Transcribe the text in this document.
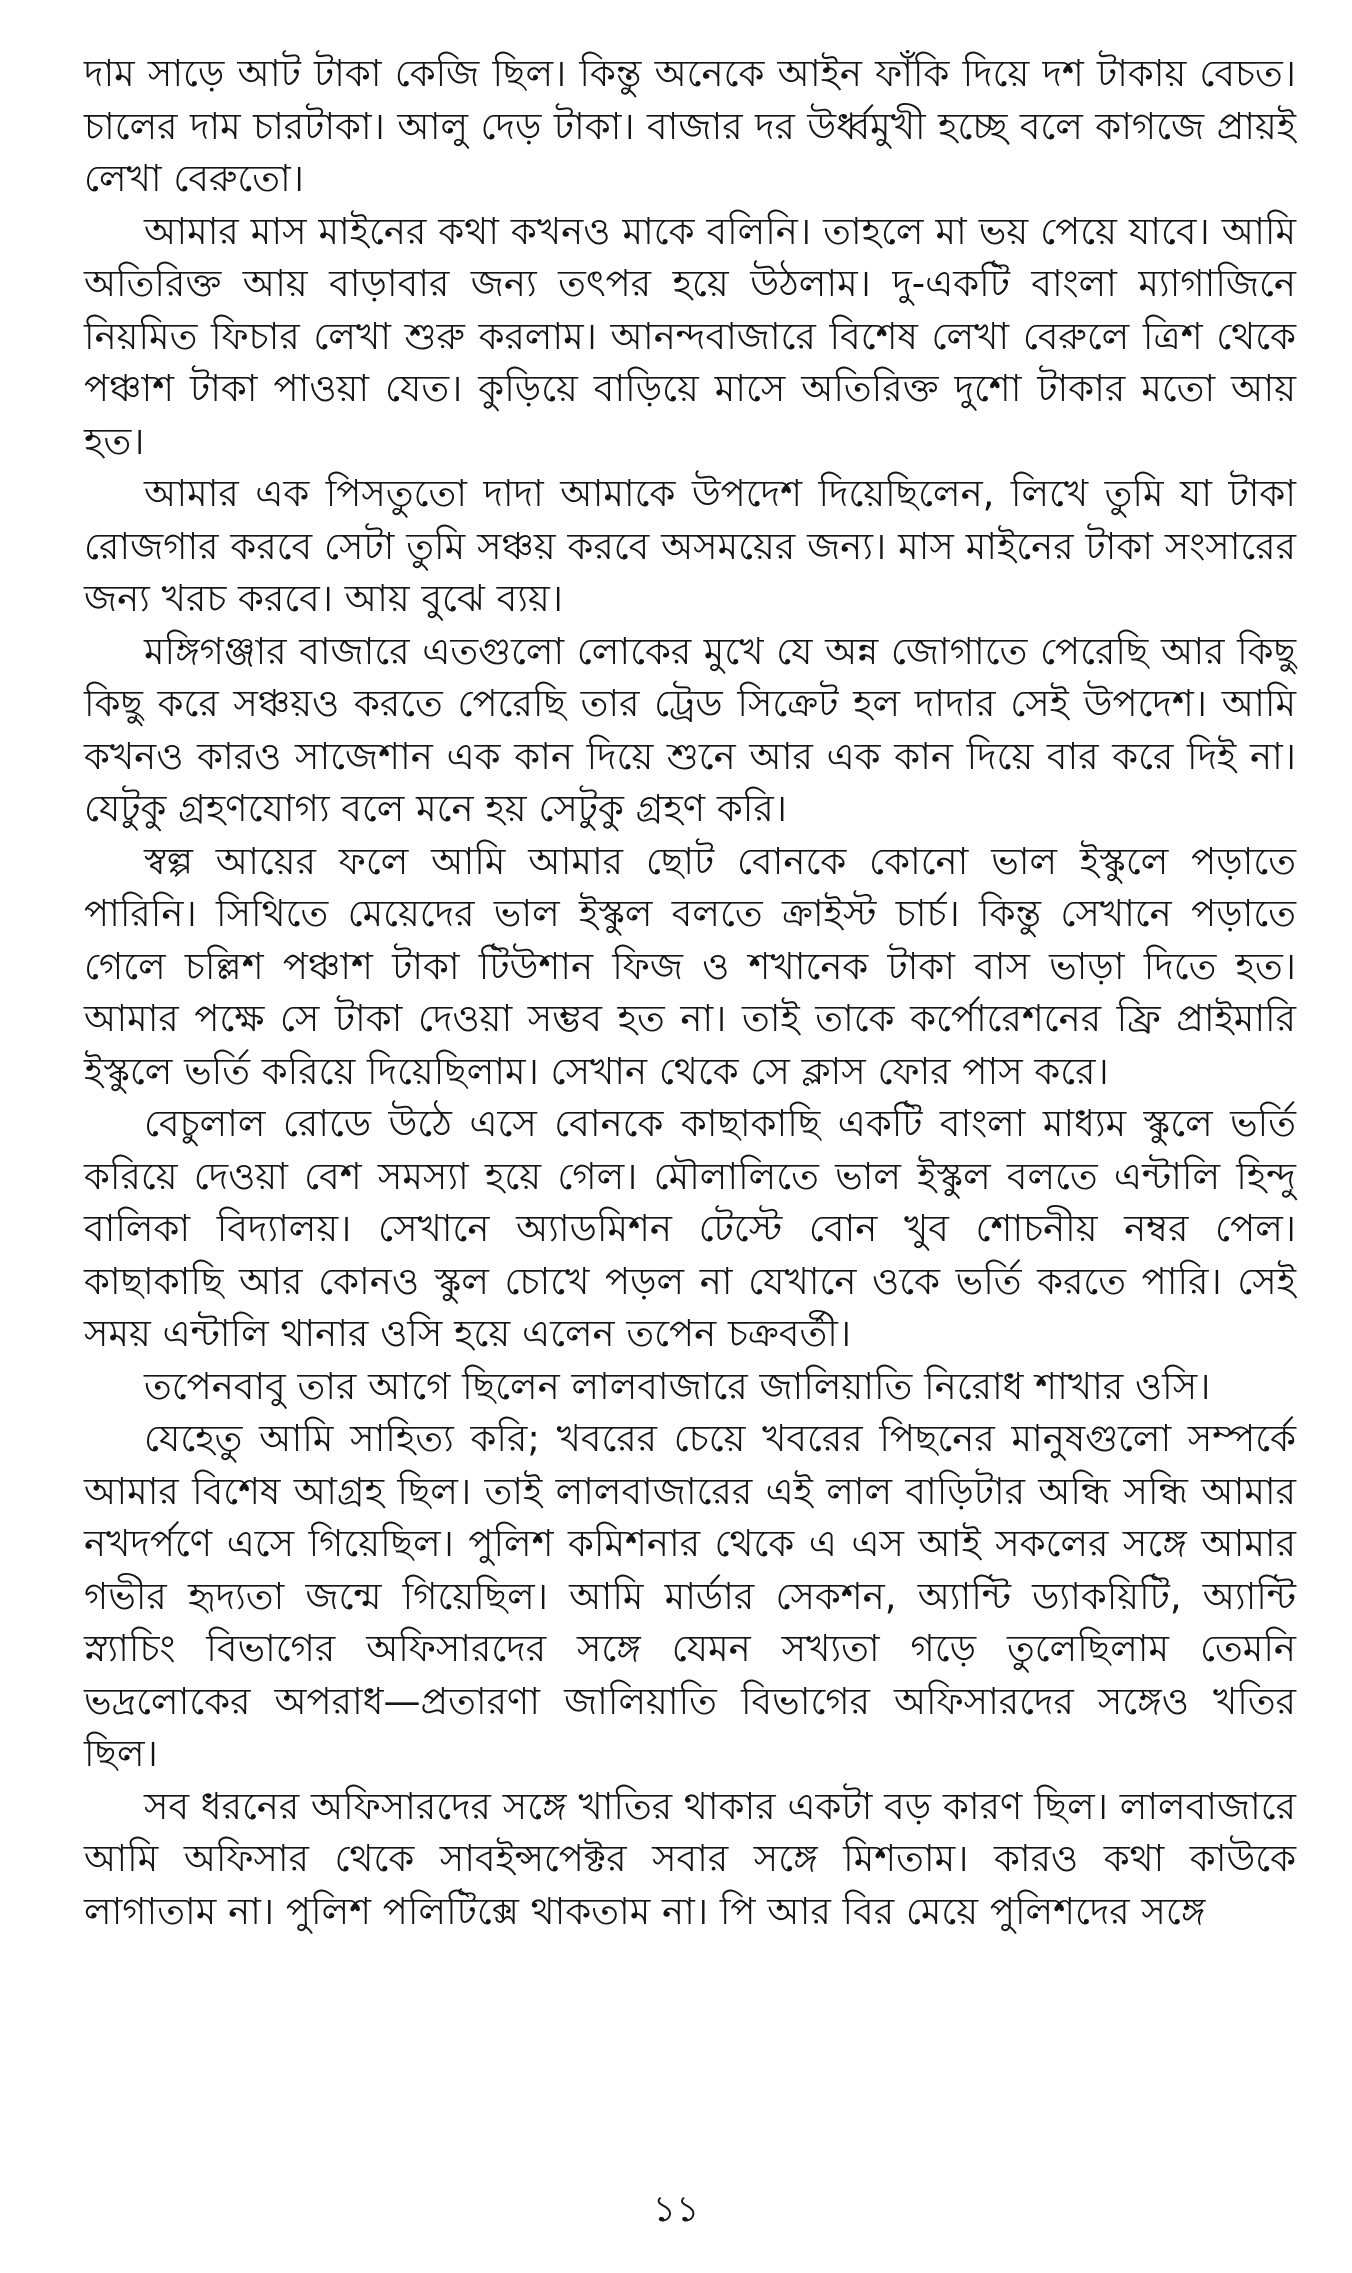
দাম সাড়ে আট টাকা কেজি ছিল। কিন্তু অনেকে আইন ফাঁকি দিয়ে দশ টাকায় বেচত। চালের দাম চারটাকা। আলু দেড় টাকা। বাজার দর উর্ধ্বমুখী হচ্ছে বলে কাগজে প্রায়ই লেখা বেরুতো।

আমার মাস মাইনের কথা কখনও মাকে বলিনি। তাহলে মা ভয় পেয়ে যাবে। আমি অতিরিক্ত আয় বাড়াবার জন্য তৎপর হয়ে উঠলাম। দু-একটি বাংলা ম্যাগাজিনে নিয়মিত ফিচার লেখা শুরু করলাম। আনন্দবাজারে বিশেষ লেখা বেরুলে ত্রিশ থেকে পঞ্চাশ টাকা পাওয়া যেত। কুড়িয়ে বাড়িয়ে মাসে অতিরিক্ত দুশো টাকার মতো আয় হত।

আমার এক পিসতুতো দাদা আমাকে উপদেশ দিয়েছিলেন, লিখে তুমি যা টাকা রোজগার করবে সেটা তুমি সঞ্চয় করবে অসময়ের জন্য। মাস মাইনের টাকা সংসারের জন্য খরচ করবে। আয় বুঝে ব্যয়।

মঙ্গিগঞ্জার বাজারে এতগুলো লোকের মুখে যে অন্ন জোগাতে পেরেছি আর কিছু কিছু করে সঞ্চয়ও করতে পেরেছি তার ট্রেড সিক্রেট হল দাদার সেই উপদেশ। আমি কখনও কারও সাজেশান এক কান দিয়ে শুনে আর এক কান দিয়ে বার করে দিই না। যেটুকু গ্রহণযোগ্য বলে মনে হয় সেটুকু গ্রহণ করি।

স্বল্প আয়ের ফলে আমি আমার ছোট বোনকে কোনো ভাল ইস্কুলে পড়াতে পারিনি। সিথিতে মেয়েদের ভাল ইস্কুল বলতে ক্রাইস্ট চার্চ। কিন্তু সেখানে পড়াতে গেলে চল্লিশ পঞ্চাশ টাকা টিউশান ফিজ ও শখানেক টাকা বাস ভাড়া দিতে হত। আমার পক্ষে সে টাকা দেওয়া সম্ভব হত না। তাই তাকে কর্পোরেশনের ফ্রি প্রাইমারি ইস্কুলে ভর্তি করিয়ে দিয়েছিলাম। সেখান থেকে সে ক্লাস ফোর পাস করে।

বেচুলাল রোডে উঠে এসে বোনকে কাছাকাছি একটি বাংলা মাধ্যম স্কুলে ভর্তি করিয়ে দেওয়া বেশ সমস্যা হয়ে গেল। মৌলালিতে ভাল ইস্কুল বলতে এন্টালি হিন্দু বালিকা বিদ্যালয়। সেখানে অ্যাডমিশন টেস্টে বোন খুব শোচনীয় নম্বর পেল। কাছাকাছি আর কোনও স্কুল চোখে পড়ল না যেখানে ওকে ভর্তি করতে পারি। সেই সময় এন্টালি থানার ওসি হয়ে এলেন তপেন চক্রবর্তী।

তপেনবাবু তার আগে ছিলেন লালবাজারে জালিয়াতি নিরোধ শাখার ওসি।

যেহেতু আমি সাহিত্য করি; খবরের চেয়ে খবরের পিছনের মানুষগুলো সম্পর্কে আমার বিশেষ আগ্রহ ছিল। তাই লালবাজারের এই লাল বাড়িটার অন্ধি সন্ধি আমার নখদর্পণে এসে গিয়েছিল। পুলিশ কমিশনার থেকে এ এস আই সকলের সঙ্গে আমার গভীর হৃদ্যতা জন্মে গিয়েছিল। আমি মার্ডার সেকশন, অ্যান্টি ড্যাকয়িটি, অ্যান্টি স্ন্যাচিং বিভাগের অফিসারদের সঙ্গে যেমন সখ্যতা গড়ে তুলেছিলাম তেমনি ভদ্রলোকের অপরাধ—প্রতারণা জালিয়াতি বিভাগের অফিসারদের সঙ্গেও খতির ছিল।

সব ধরনের অফিসারদের সঙ্গে খাতির থাকার একটা বড় কারণ ছিল। লালবাজারে আমি অফিসার থেকে সাবইন্সপেক্টর সবার সঙ্গে মিশতাম। কারও কথা কাউকে লাগাতাম না। পুলিশ পলিটিক্সে থাকতাম না। পি আর বির মেয়ে পুলিশদের সঙ্গে

১১
